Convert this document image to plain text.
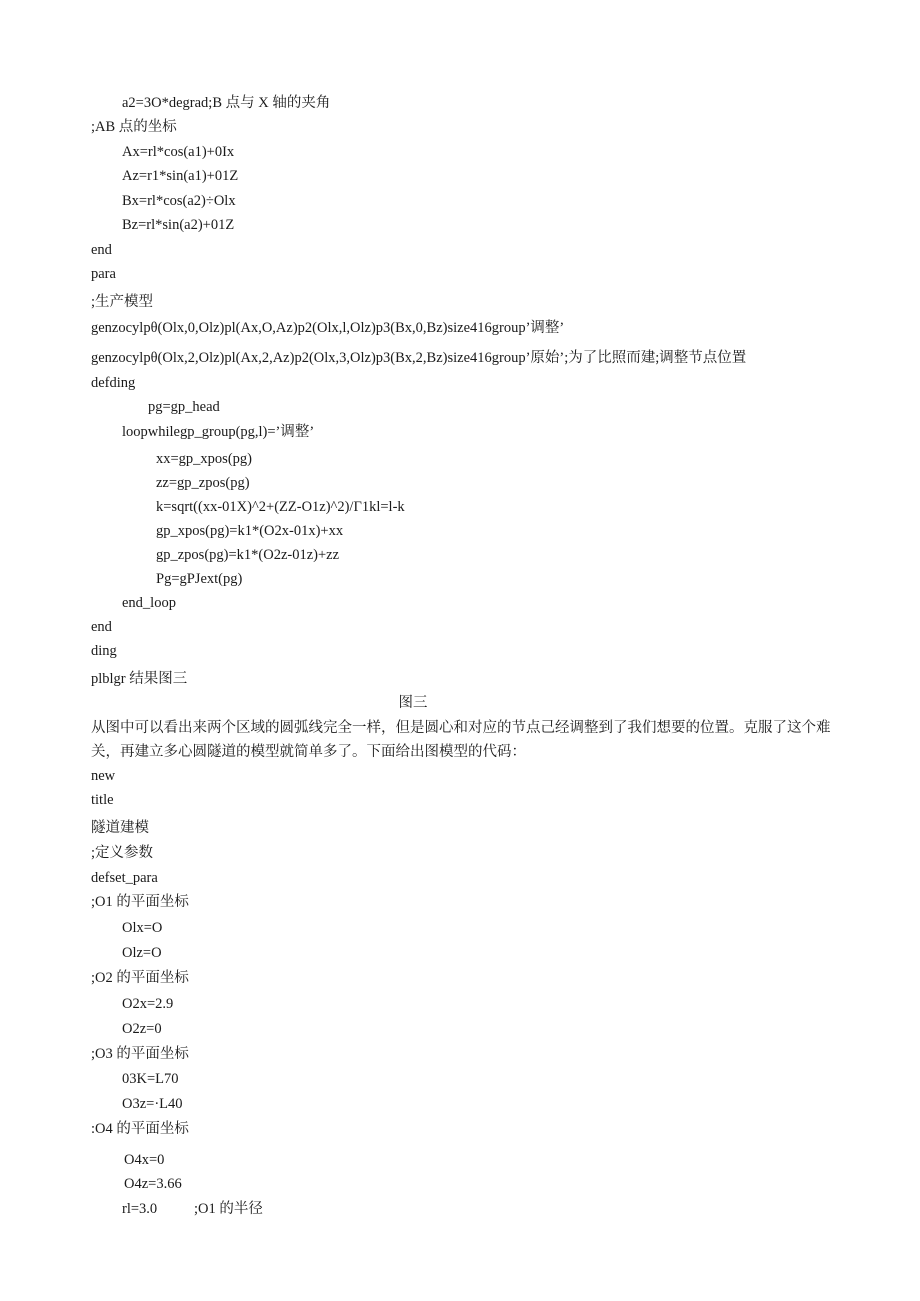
a2=3O*degrad;B 点与 X 轴的夹角
;AB 点的坐标
Ax=rl*cos(a1)+0Ix
Az=r1*sin(a1)+01Z
Bx=rl*cos(a2)÷Olx
Bz=rl*sin(a2)+01Z
end
para
;生产模型
genzocylpθ(Olx,0,Olz)pl(Ax,O,Az)p2(Olx,l,Olz)p3(Bx,0,Bz)size416group’调整’
genzocylpθ(Olx,2,Olz)pl(Ax,2,Az)p2(Olx,3,Olz)p3(Bx,2,Bz)size416group’原始’;为了比照而建;调整节点位置
defding
pg=gp_head
loopwhilegp_group(pg,l)=’调整’
xx=gp_xpos(pg)
zz=gp_zpos(pg)
k=sqrt((xx-01X)^2+(ZZ-O1z)^2)/Γ1kl=l-k
gp_xpos(pg)=k1*(O2x-01x)+xx
gp_zpos(pg)=k1*(O2z-01z)+zz
Pg=gPJext(pg)
end_loop
end
ding
plblgr 结果图三
图三
从图中可以看出来两个区域的圆弧线完全一样，但是圆心和对应的节点己经调整到了我们想要的位置。克服了这个难关，再建立多心圆隧道的模型就简单多了。下面给出图模型的代码：
new
title
隧道建模
;定义参数
defset_para
;O1 的平面坐标
Olx=O
Olz=O
;O2 的平面坐标
O2x=2.9
O2z=0
;O3 的平面坐标
03K=L70
O3z=·L40
:O4 的平面坐标
O4x=0
O4z=3.66
rl=3.0	;O1 的半径
